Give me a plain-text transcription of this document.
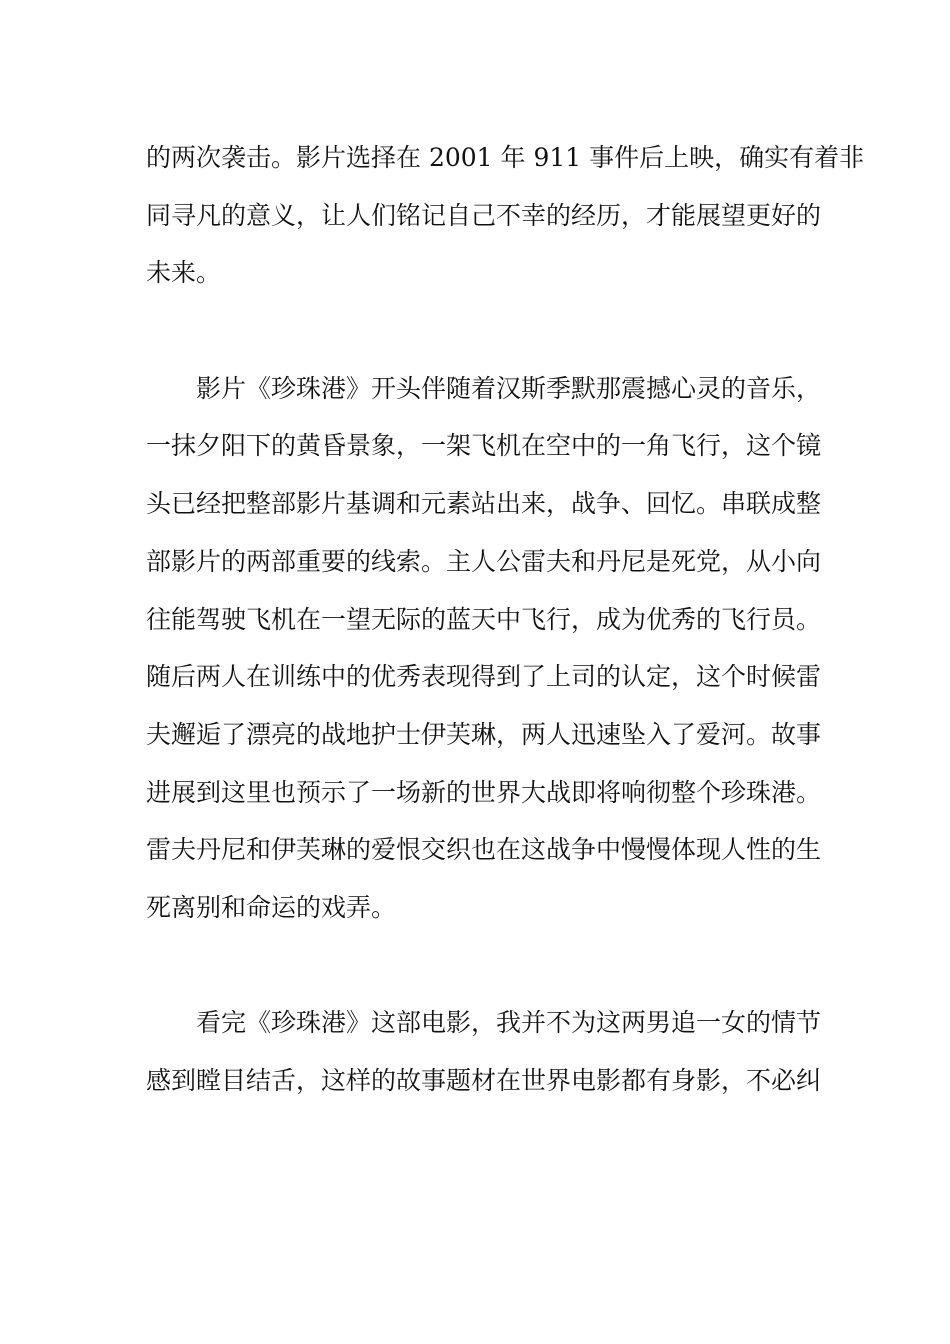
的两次袭击。影片选择在 2001 年 911 事件后上映，确实有着非
同寻凡的意义，让人们铭记自己不幸的经历，才能展望更好的
未来。
影片《珍珠港》开头伴随着汉斯季默那震撼心灵的音乐，
一抹夕阳下的黄昏景象，一架飞机在空中的一角飞行，这个镜
头已经把整部影片基调和元素站出来，战争、回忆。串联成整
部影片的两部重要的线索。主人公雷夫和丹尼是死党，从小向
往能驾驶飞机在一望无际的蓝天中飞行，成为优秀的飞行员。
随后两人在训练中的优秀表现得到了上司的认定，这个时候雷
夫邂逅了漂亮的战地护士伊芙琳，两人迅速坠入了爱河。故事
进展到这里也预示了一场新的世界大战即将响彻整个珍珠港。
雷夫丹尼和伊芙琳的爱恨交织也在这战争中慢慢体现人性的生
死离别和命运的戏弄。
看完《珍珠港》这部电影，我并不为这两男追一女的情节
感到瞠目结舌，这样的故事题材在世界电影都有身影，不必纠
